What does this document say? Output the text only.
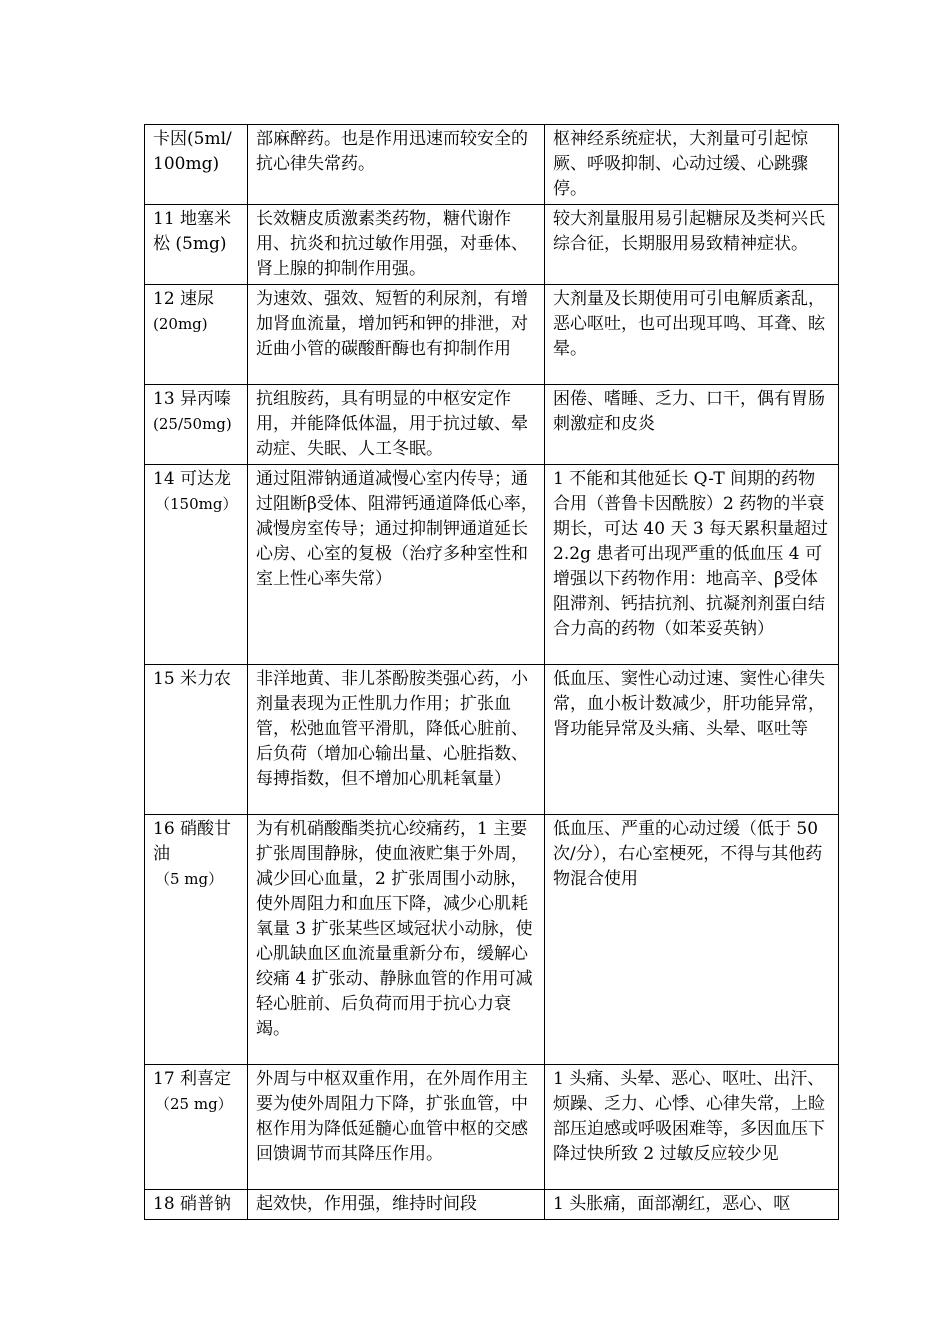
卡因(5ml/100mg)	部麻醉药。也是作用迅速而较安全的抗心律失常药。	枢神经系统症状，大剂量可引起惊厥、呼吸抑制、心动过缓、心跳骤停。
11 地塞米松 (5mg)	长效糖皮质激素类药物，糖代谢作用、抗炎和抗过敏作用强，对垂体、肾上腺的抑制作用强。	较大剂量服用易引起糖尿及类柯兴氏综合征，长期服用易致精神症状。

12 速尿
(20mg)	为速效、强效、短暂的利尿剂，有增加肾血流量，增加钙和钾的排泄，对近曲小管的碳酸酐酶也有抑制作用	大剂量及长期使用可引电解质紊乱，恶心呕吐，也可出现耳鸣、耳聋、眩晕。

13 异丙嗪
(25/50mg)	抗组胺药，具有明显的中枢安定作用，并能降低体温，用于抗过敏、晕动症、失眠、人工冬眠。	困倦、嗜睡、乏力、口干，偶有胃肠刺激症和皮炎

14 可达龙
（150mg）	通过阻滞钠通道减慢心室内传导；通过阻断β受体、阻滞钙通道降低心率，减慢房室传导；通过抑制钾通道延长心房、心室的复极（治疗多种室性和室上性心率失常）	1 不能和其他延长 Q-T 间期的药物合用（普鲁卡因酰胺）2 药物的半衰期长，可达 40 天 3 每天累积量超过 2.2g 患者可出现严重的低血压 4 可增强以下药物作用：地高辛、β受体阻滞剂、钙拮抗剂、抗凝剂剂蛋白结合力高的药物（如苯妥英钠）

15 米力农	非洋地黄、非儿茶酚胺类强心药，小剂量表现为正性肌力作用；扩张血管，松弛血管平滑肌，降低心脏前、后负荷（增加心输出量、心脏指数、每搏指数，但不增加心肌耗氧量）	低血压、窦性心动过速、窦性心律失常，血小板计数减少，肝功能异常，肾功能异常及头痛、头晕、呕吐等

16 硝酸甘油
（5 mg）	为有机硝酸酯类抗心绞痛药，1 主要扩张周围静脉，使血液贮集于外周，减少回心血量，2 扩张周围小动脉，使外周阻力和血压下降，减少心肌耗氧量 3 扩张某些区域冠状小动脉，使心肌缺血区血流量重新分布，缓解心绞痛 4 扩张动、静脉血管的作用可减轻心脏前、后负荷而用于抗心力衰竭。	低血压、严重的心动过缓（低于 50 次/分），右心室梗死，不得与其他药物混合使用

17 利喜定
（25 mg）	外周与中枢双重作用，在外周作用主要为使外周阻力下降，扩张血管，中枢作用为降低延髓心血管中枢的交感回馈调节而其降压作用。	1 头痛、头晕、恶心、呕吐、出汗、烦躁、乏力、心悸、心律失常，上睑部压迫感或呼吸困难等，多因血压下降过快所致 2 过敏反应较少见

18 硝普钠	起效快，作用强，维持时间段	1 头胀痛，面部潮红，恶心、呕
